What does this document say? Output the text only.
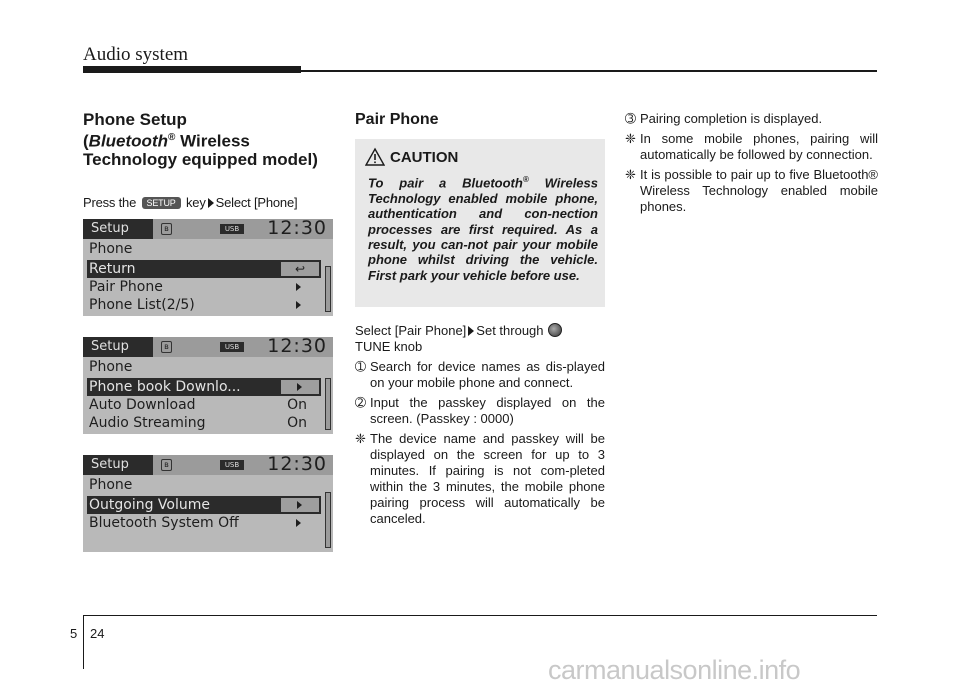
Audio system
Phone Setup
(Bluetooth® Wireless
Technology equipped model)
Press the SETUP key Select [Phone]
Setup	ʙ	USB 12:30
Phone
Return	↩
Pair Phone
Phone List(2/5)
Setup	ʙ	USB 12:30
Phone
Phone book Downlo...
Auto Download	On
Audio Streaming	On
Setup	ʙ	USB 12:30
Phone
Outgoing Volume
Bluetooth System Off
Pair Phone
CAUTION
To pair a Bluetooth® Wireless Technology enabled mobile phone, authentication and con-nection processes are first required. As a result, you can-not pair your mobile phone whilst driving the vehicle. First park your vehicle before use.

Select [Pair Phone] Set through
TUNE knob

➀ Search for device names as dis-played on your mobile phone and connect.
➁ Input the passkey displayed on the screen. (Passkey : 0000)
❈ The device name and passkey will be displayed on the screen for up to 3 minutes. If pairing is not com-pleted within the 3 minutes, the mobile phone pairing process will automatically be canceled.
➂ Pairing completion is displayed.
❈ In some mobile phones, pairing will automatically be followed by connection.
❈ It is possible to pair up to five Bluetooth® Wireless Technology enabled mobile phones.
5 24
carmanualsonline.info
